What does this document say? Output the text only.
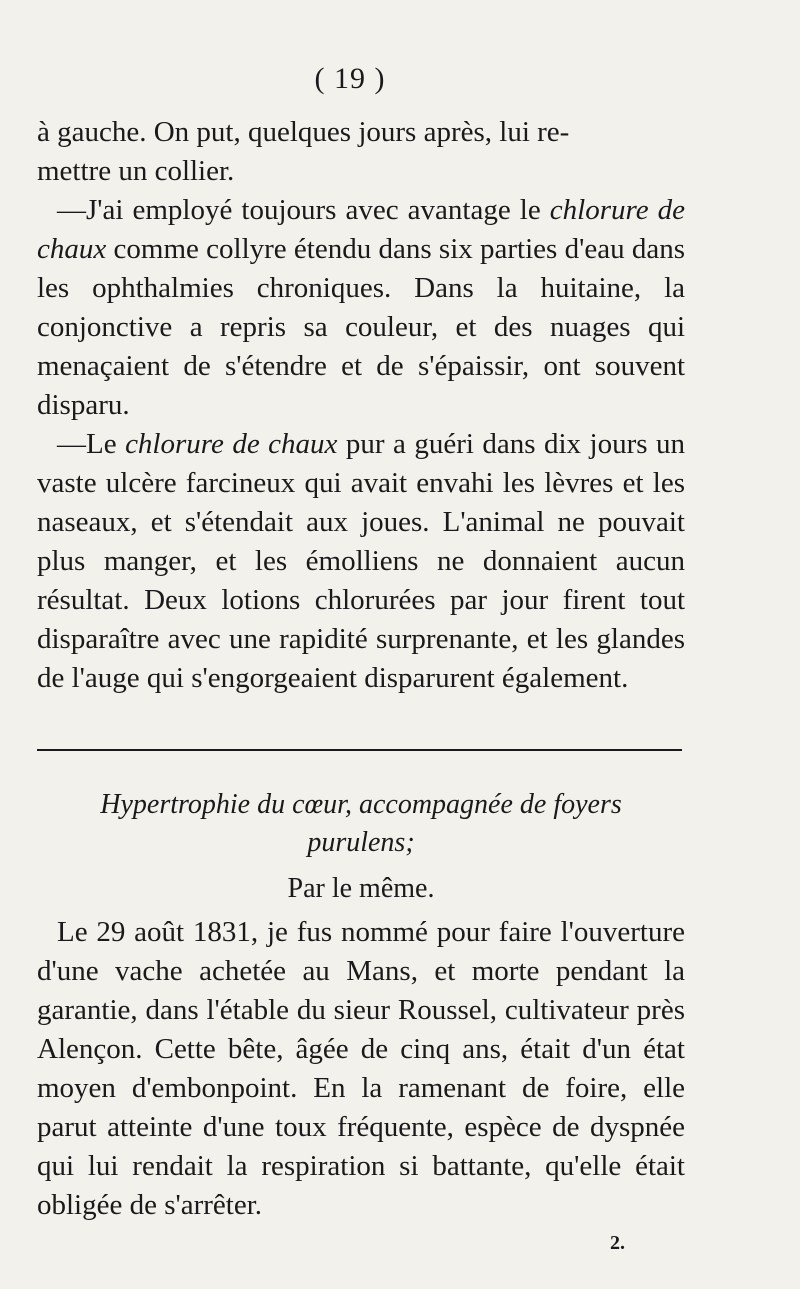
( 19 )

à gauche. On put, quelques jours après, lui re-

mettre un collier.

—J'ai employé toujours avec avantage le chlorure de chaux comme collyre étendu dans six parties d'eau dans les ophthalmies chroniques. Dans la huitaine, la conjonctive a repris sa couleur, et des nuages qui menaçaient de s'étendre et de s'épaissir, ont souvent disparu.

—Le chlorure de chaux pur a guéri dans dix jours un vaste ulcère farcineux qui avait envahi les lèvres et les naseaux, et s'étendait aux joues. L'animal ne pouvait plus manger, et les émolliens ne donnaient aucun résultat. Deux lotions chlorurées par jour firent tout disparaître avec une rapidité surprenante, et les glandes de l'auge qui s'engorgeaient disparurent également.

Hypertrophie du cœur, accompagnée de foyers
purulens;
Par le même.

Le 29 août 1831, je fus nommé pour faire l'ouverture d'une vache achetée au Mans, et morte pendant la garantie, dans l'étable du sieur Roussel, cultivateur près Alençon. Cette bête, âgée de cinq ans, était d'un état moyen d'embonpoint. En la ramenant de foire, elle parut atteinte d'une toux fréquente, espèce de dyspnée qui lui rendait la respiration si battante, qu'elle était obligée de s'arrêter.

2.
